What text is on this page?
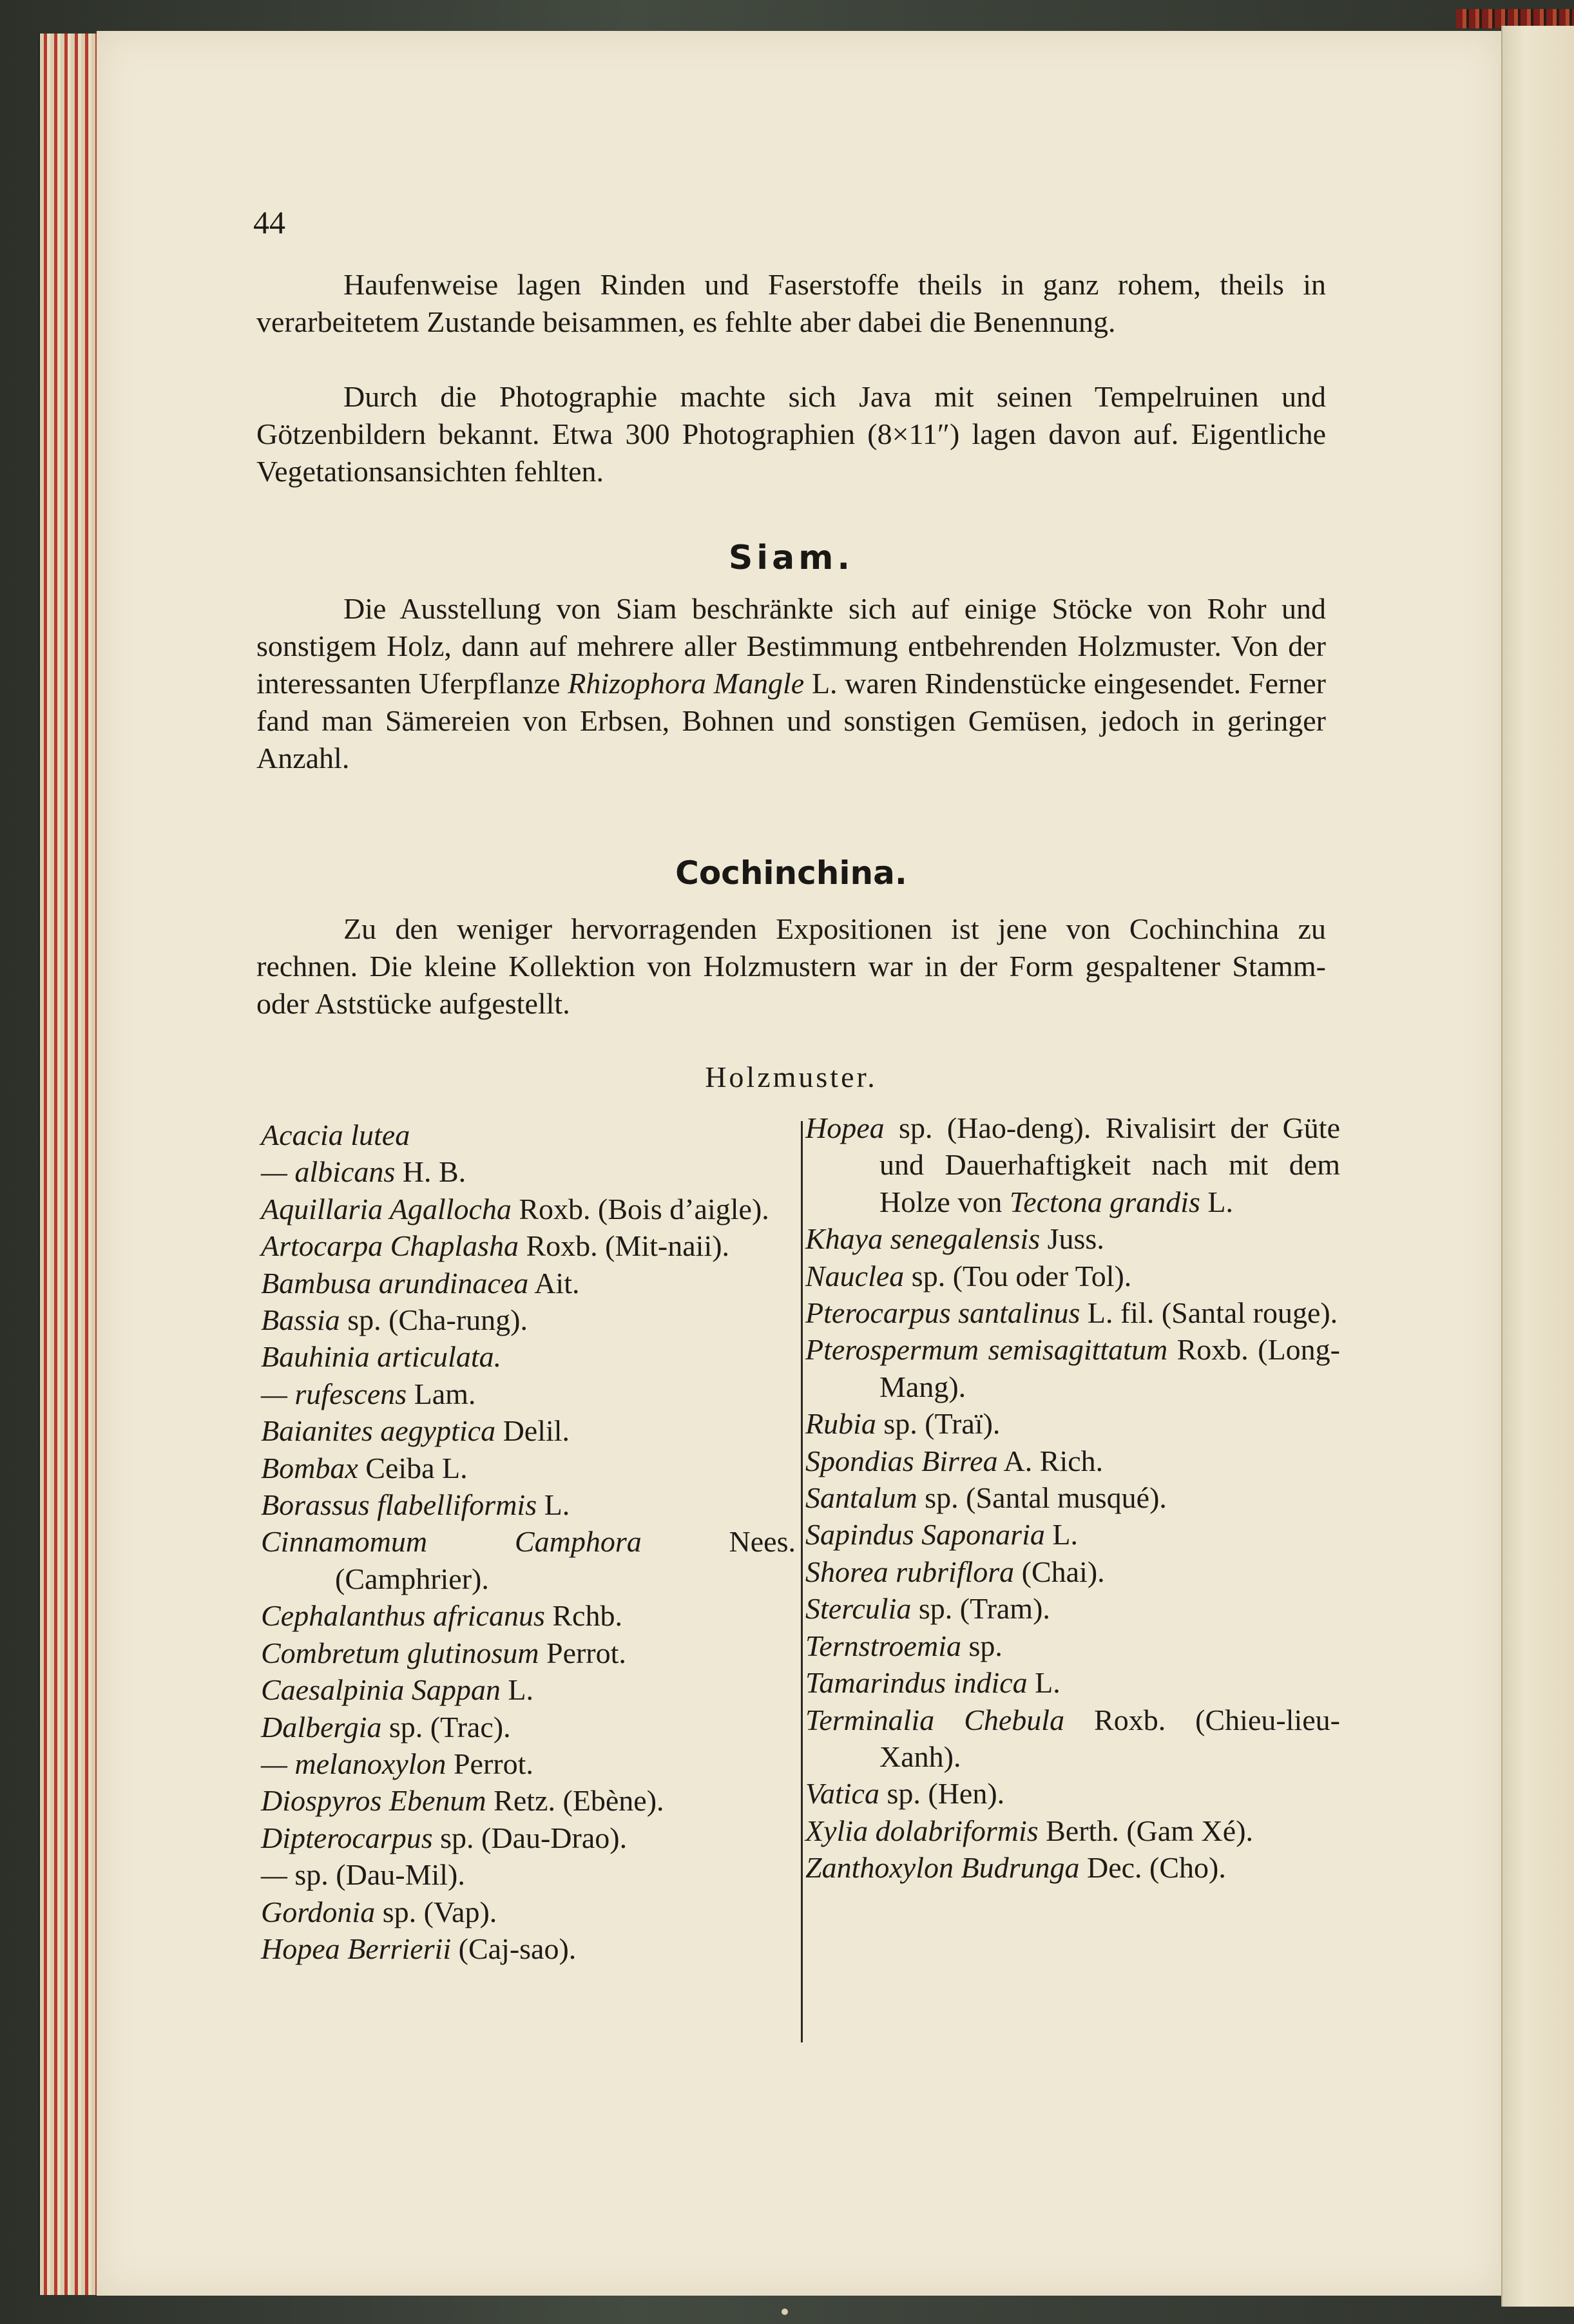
44

Haufenweise lagen Rinden und Faserstoffe theils in ganz rohem, theils in verarbeitetem Zustande beisammen, es fehlte aber dabei die Benennung.

Durch die Photographie machte sich Java mit seinen Tempelruinen und Götzenbildern bekannt. Etwa 300 Photographien (8×11″) lagen davon auf. Eigentliche Vegetationsansichten fehlten.

Siam.

Die Ausstellung von Siam beschränkte sich auf einige Stöcke von Rohr und sonstigem Holz, dann auf mehrere aller Bestimmung entbehrenden Holzmuster. Von der interessanten Uferpflanze Rhizophora Mangle L. waren Rindenstücke eingesendet. Ferner fand man Sämereien von Erbsen, Bohnen und sonstigen Gemüsen, jedoch in geringer Anzahl.

Cochinchina.

Zu den weniger hervorragenden Expositionen ist jene von Cochinchina zu rechnen. Die kleine Kollektion von Holzmustern war in der Form gespaltener Stamm- oder Aststücke aufgestellt.

Holzmuster.
Acacia lutea
— albicans H. B.
Aquillaria Agallocha Roxb. (Bois d’aigle).
Artocarpa Chaplasha Roxb. (Mit-naii).
Bambusa arundinacea Ait.
Bassia sp. (Cha-rung).
Bauhinia articulata.
— rufescens Lam.
Baianites aegyptica Delil.
Bombax Ceiba L.
Borassus flabelliformis L.
Cinnamomum Camphora Nees. (Camphrier).
Cephalanthus africanus Rchb.
Combretum glutinosum Perrot.
Caesalpinia Sappan L.
Dalbergia sp. (Trac).
— melanoxylon Perrot.
Diospyros Ebenum Retz. (Ebène).
Dipterocarpus sp. (Dau-Drao).
— sp. (Dau-Mil).
Gordonia sp. (Vap).
Hopea Berrierii (Caj-sao).
Hopea sp. (Hao-deng). Rivalisirt der Güte und Dauerhaftigkeit nach mit dem Holze von Tectona grandis L.
Khaya senegalensis Juss.
Nauclea sp. (Tou oder Tol).
Pterocarpus santalinus L. fil. (Santal rouge).
Pterospermum semisagittatum Roxb. (Long-Mang).
Rubia sp. (Traï).
Spondias Birrea A. Rich.
Santalum sp. (Santal musqué).
Sapindus Saponaria L.
Shorea rubriflora (Chai).
Sterculia sp. (Tram).
Ternstroemia sp.
Tamarindus indica L.
Terminalia Chebula Roxb. (Chieu-lieu-Xanh).
Vatica sp. (Hen).
Xylia dolabriformis Berth. (Gam Xé).
Zanthoxylon Budrunga Dec. (Cho).
